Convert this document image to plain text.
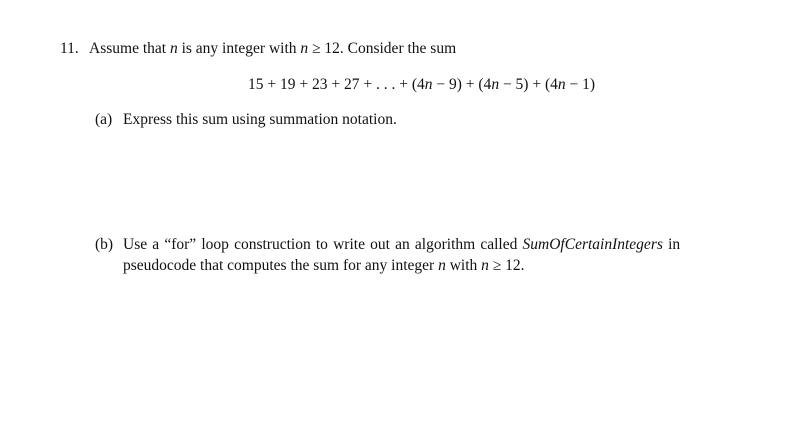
11. Assume that n is any integer with n ≥ 12. Consider the sum
15 + 19 + 23 + 27 + . . . + (4n − 9) + (4n − 5) + (4n − 1)
(a) Express this sum using summation notation.
(b) Use a “for” loop construction to write out an algorithm called SumOfCertainIntegers in
pseudocode that computes the sum for any integer n with n ≥ 12.
